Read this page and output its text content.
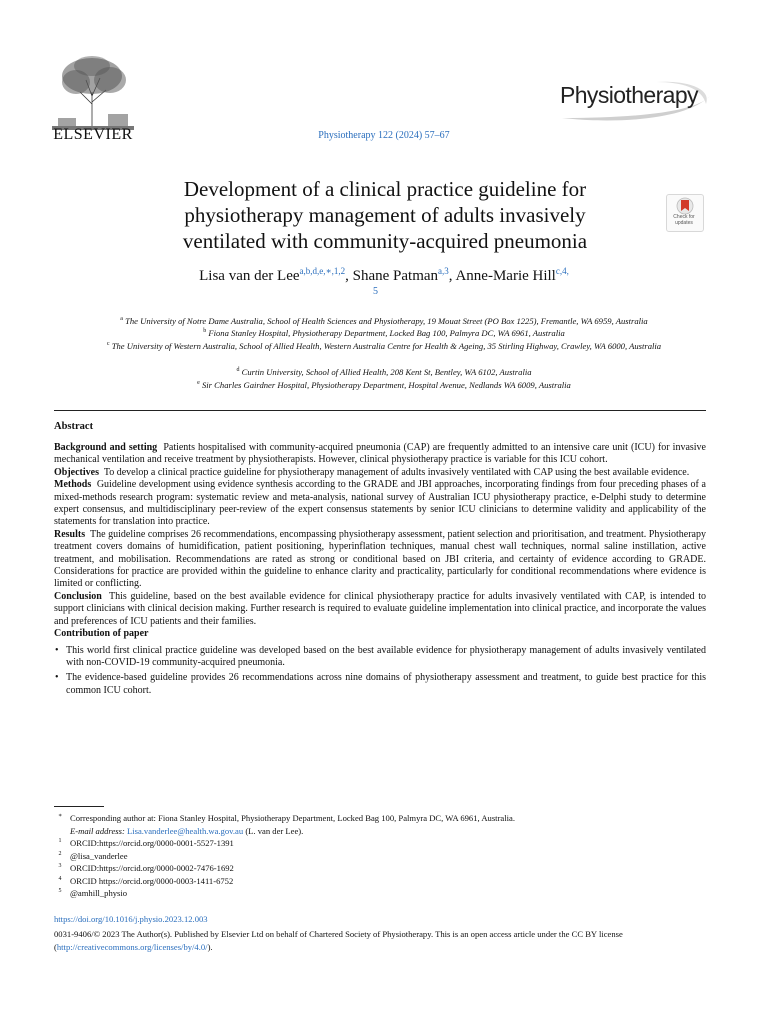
ELSEVIER	Physiotherapy 122 (2024) 57–67
Physiotherapy
Development of a clinical practice guideline for
physiotherapy management of adults invasively
ventilated with community-acquired pneumonia
Check for updates
Lisa van der Lee$^{a,b,d,e,∗,1,2}$, Shane Patman$^{a,3}$, Anne-Marie Hill$^{c,4,}$
5
$^a$ The University of Notre Dame Australia, School of Health Sciences and Physiotherapy, 19 Mouat Street (PO Box 1225), Fremantle, WA 6959, Australia
$^b$ Fiona Stanley Hospital, Physiotherapy Department, Locked Bag 100, Palmyra DC, WA 6961, Australia
$^c$ The University of Western Australia, School of Allied Health, Western Australia Centre for Health & Ageing, 35 Stirling Highway, Crawley, WA 6000, Australia
$^d$ Curtin University, School of Allied Health, 208 Kent St, Bentley, WA 6102, Australia
$^e$ Sir Charles Gairdner Hospital, Physiotherapy Department, Hospital Avenue, Nedlands WA 6009, Australia
Abstract

Background and setting Patients hospitalised with community-acquired pneumonia (CAP) are frequently admitted to an intensive care unit (ICU) for invasive mechanical ventilation and receive treatment by physiotherapists. However, clinical physiotherapy practice is variable for this ICU cohort.

Objectives To develop a clinical practice guideline for physiotherapy management of adults invasively ventilated with CAP using the best available evidence.

Methods Guideline development using evidence synthesis according to the GRADE and JBI approaches, incorporating findings from four preceding phases of a mixed-methods research program: systematic review and meta-analysis, national survey of Australian ICU physiotherapy practice, e-Delphi study to determine expert consensus, and multidisciplinary peer-review of the expert consensus statements by senior ICU clinicians to determine validity and applicability of the statements for translation into practice.

Results The guideline comprises 26 recommendations, encompassing physiotherapy assessment, patient selection and prioritisation, and treatment. Physiotherapy treatment covers domains of humidification, patient positioning, hyperinflation techniques, manual chest wall techniques, normal saline instillation, active treatment, and mobilisation. Recommendations are rated as strong or conditional based on JBI criteria, and certainty of evidence according to GRADE. Considerations for practice are provided within the guideline to enhance clarity and practicality, particularly for conditional recommendations where evidence is limited or conflicting.

Conclusion This guideline, based on the best available evidence for clinical physiotherapy practice for adults invasively ventilated with CAP, is intended to support clinicians with clinical decision making. Further research is required to evaluate guideline implementation into clinical practice, and incorporate the values and preferences of ICU patients and their families.

Contribution of paper

• This world first clinical practice guideline was developed based on the best available evidence for physiotherapy management of adults invasively ventilated with non-COVID-19 community-acquired pneumonia.
• The evidence-based guideline provides 26 recommendations across nine domains of physiotherapy assessment and treatment, to guide best practice for this common ICU cohort.
∗ Corresponding author at: Fiona Stanley Hospital, Physiotherapy Department, Locked Bag 100, Palmyra DC, WA 6961, Australia.
E-mail address: Lisa.vanderlee@health.wa.gov.au (L. van der Lee).
1 ORCID:https://orcid.org/0000-0001-5527-1391
2 @lisa_vanderlee
3 ORCID:https://orcid.org/0000-0002-7476-1692
4 ORCID https://orcid.org/0000-0003-1411-6752
5 @amhill_physio
https://doi.org/10.1016/j.physio.2023.12.003
0031-9406/© 2023 The Author(s). Published by Elsevier Ltd on behalf of Chartered Society of Physiotherapy. This is an open access article under the CC BY license (http://creativecommons.org/licenses/by/4.0/).
